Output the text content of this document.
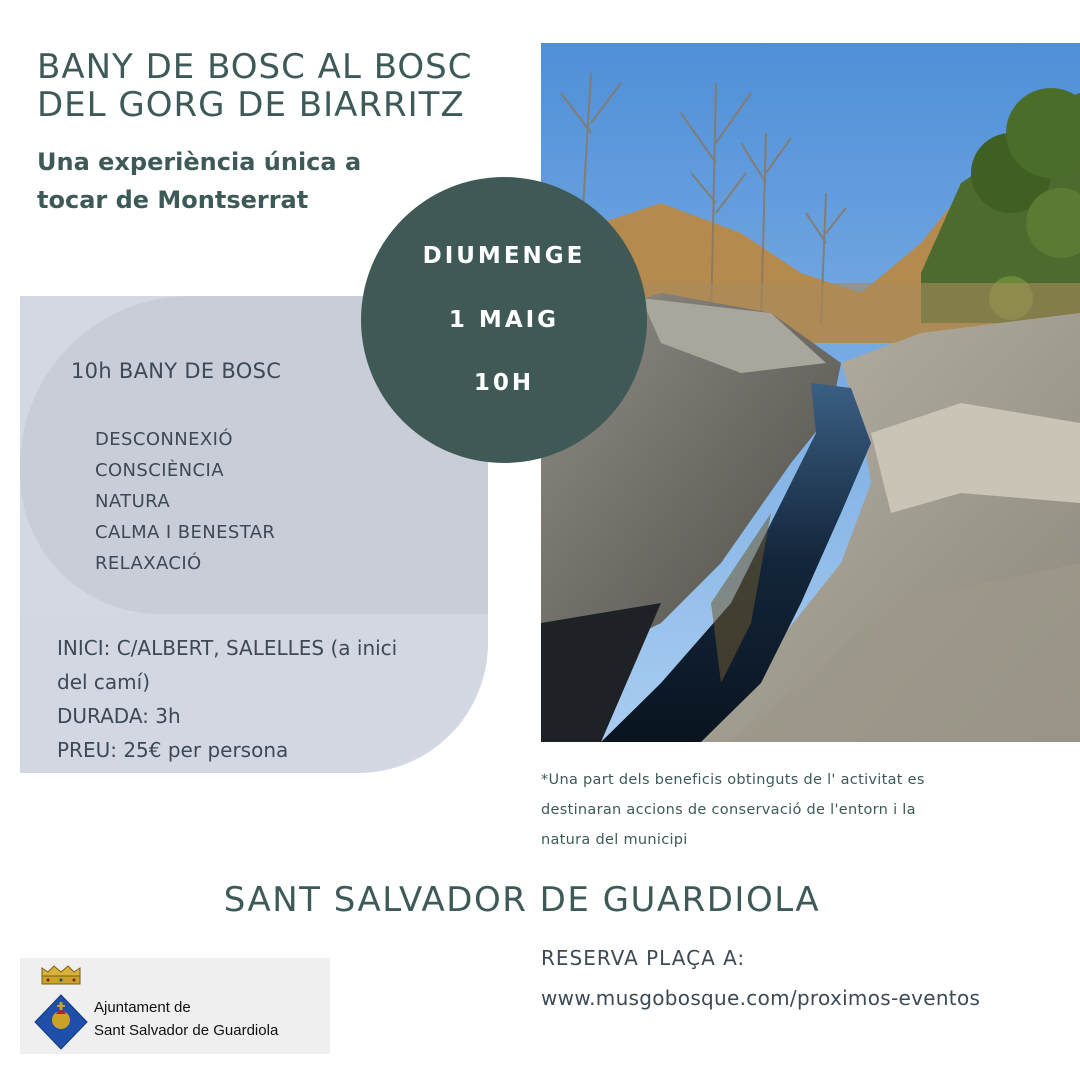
BANY DE BOSC AL BOSC
DEL GORG DE BIARRITZ
Una experiència única a
tocar de Montserrat
10h BANY DE BOSC
DESCONNEXIÓ
CONSCIÈNCIA
NATURA
CALMA I BENESTAR
RELAXACIÓ
INICI: C/ALBERT, SALELLES (a inici
del camí)
DURADA: 3h
PREU: 25€ per persona
DIUMENGE
1 MAIG
10H
*Una part dels beneficis obtinguts de l' activitat es
destinaran accions de conservació de l'entorn i la
natura del municipi
SANT SALVADOR DE GUARDIOLA
Ajuntament de
Sant Salvador de Guardiola
RESERVA PLAÇA A:
www.musgobosque.com/proximos-eventos
